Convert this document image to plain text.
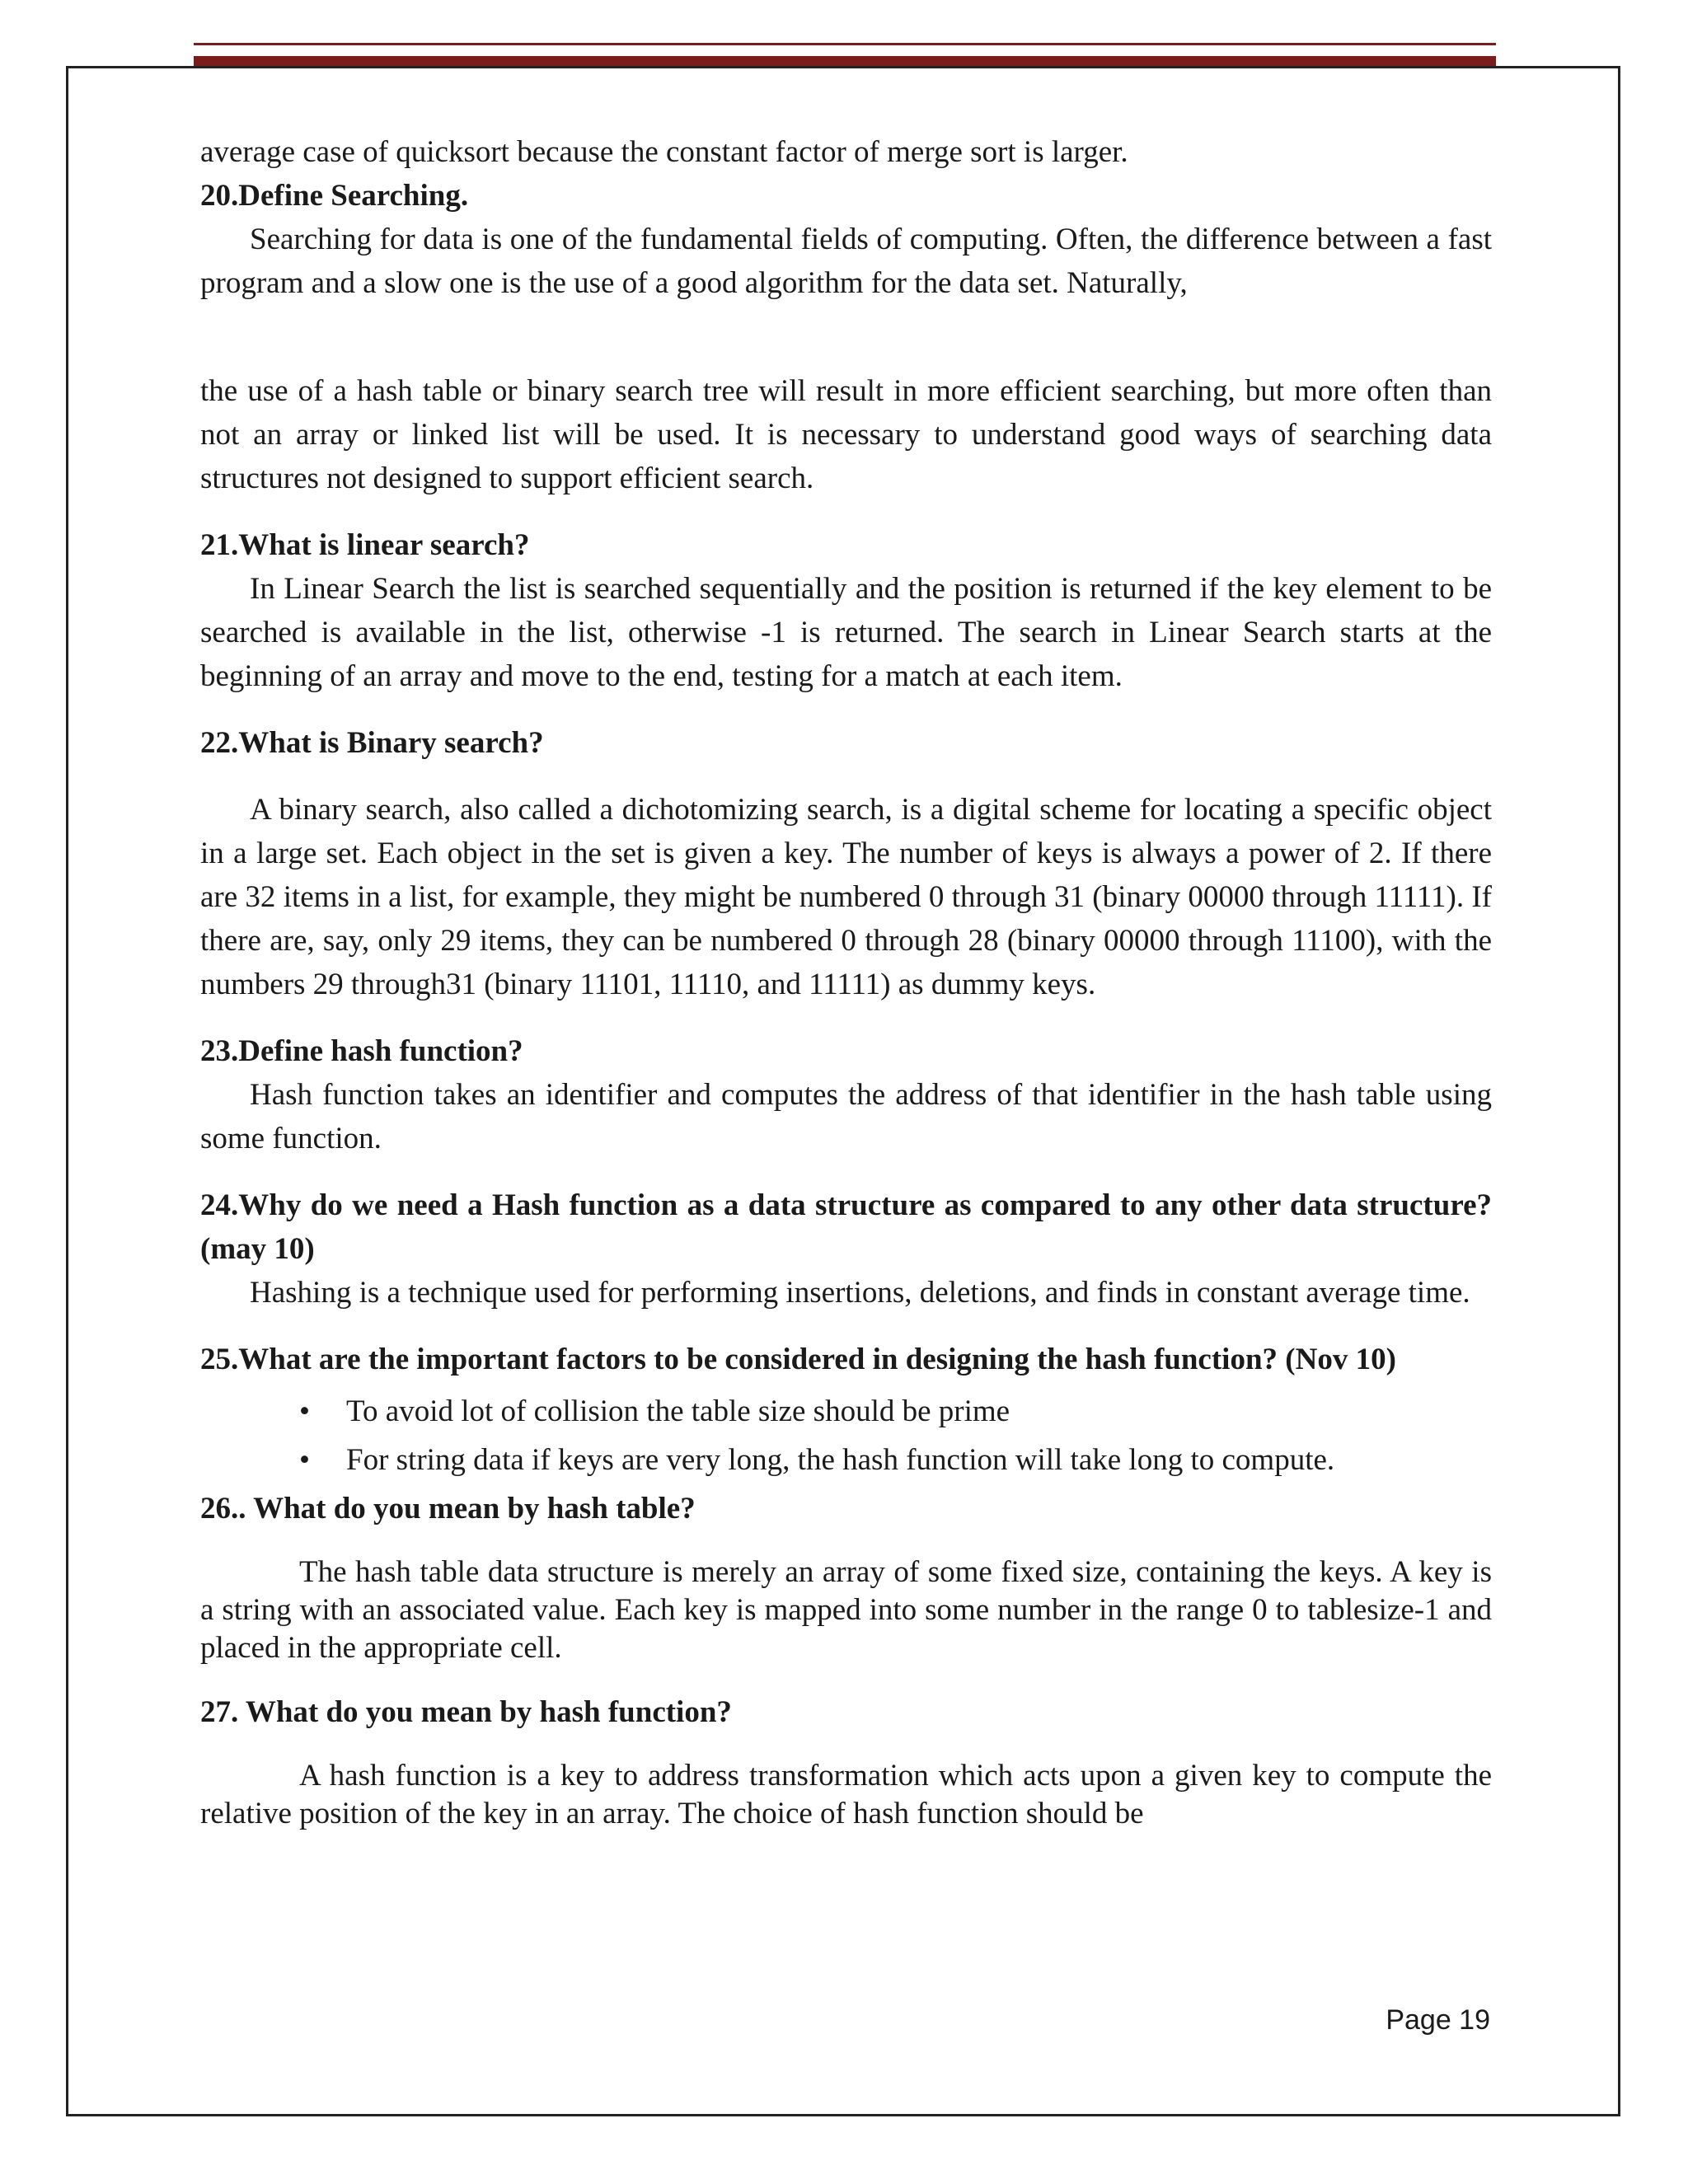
average case of quicksort because the constant factor of merge sort is larger.

20.Define Searching.

Searching for data is one of the fundamental fields of computing. Often, the difference between a fast program and a slow one is the use of a good algorithm for the data set. Naturally,

the use of a hash table or binary search tree will result in more efficient searching, but more often than not an array or linked list will be used. It is necessary to understand good ways of searching data structures not designed to support efficient search.

21.What is linear search?

In Linear Search the list is searched sequentially and the position is returned if the key element to be searched is available in the list, otherwise -1 is returned. The search in Linear Search starts at the beginning of an array and move to the end, testing for a match at each item.

22.What is Binary search?

A binary search, also called a dichotomizing search, is a digital scheme for locating a specific object in a large set. Each object in the set is given a key. The number of keys is always a power of 2. If there are 32 items in a list, for example, they might be numbered 0 through 31 (binary 00000 through 11111). If there are, say, only 29 items, they can be numbered 0 through 28 (binary 00000 through 11100), with the numbers 29 through31 (binary 11101, 11110, and 11111) as dummy keys.

23.Define hash function?

Hash function takes an identifier and computes the address of that identifier in the hash table using some function.

24.Why do we need a Hash function as a data structure as compared to any other data structure? (may 10)

Hashing is a technique used for performing insertions, deletions, and finds in constant average time.

25.What are the important factors to be considered in designing the hash function? (Nov 10)
• To avoid lot of collision the table size should be prime
• For string data if keys are very long, the hash function will take long to compute.
26.. What do you mean by hash table?

The hash table data structure is merely an array of some fixed size, containing the keys. A key is a string with an associated value. Each key is mapped into some number in the range 0 to tablesize-1 and placed in the appropriate cell.

27. What do you mean by hash function?

A hash function is a key to address transformation which acts upon a given key to compute the relative position of the key in an array. The choice of hash function should be

Page 19
